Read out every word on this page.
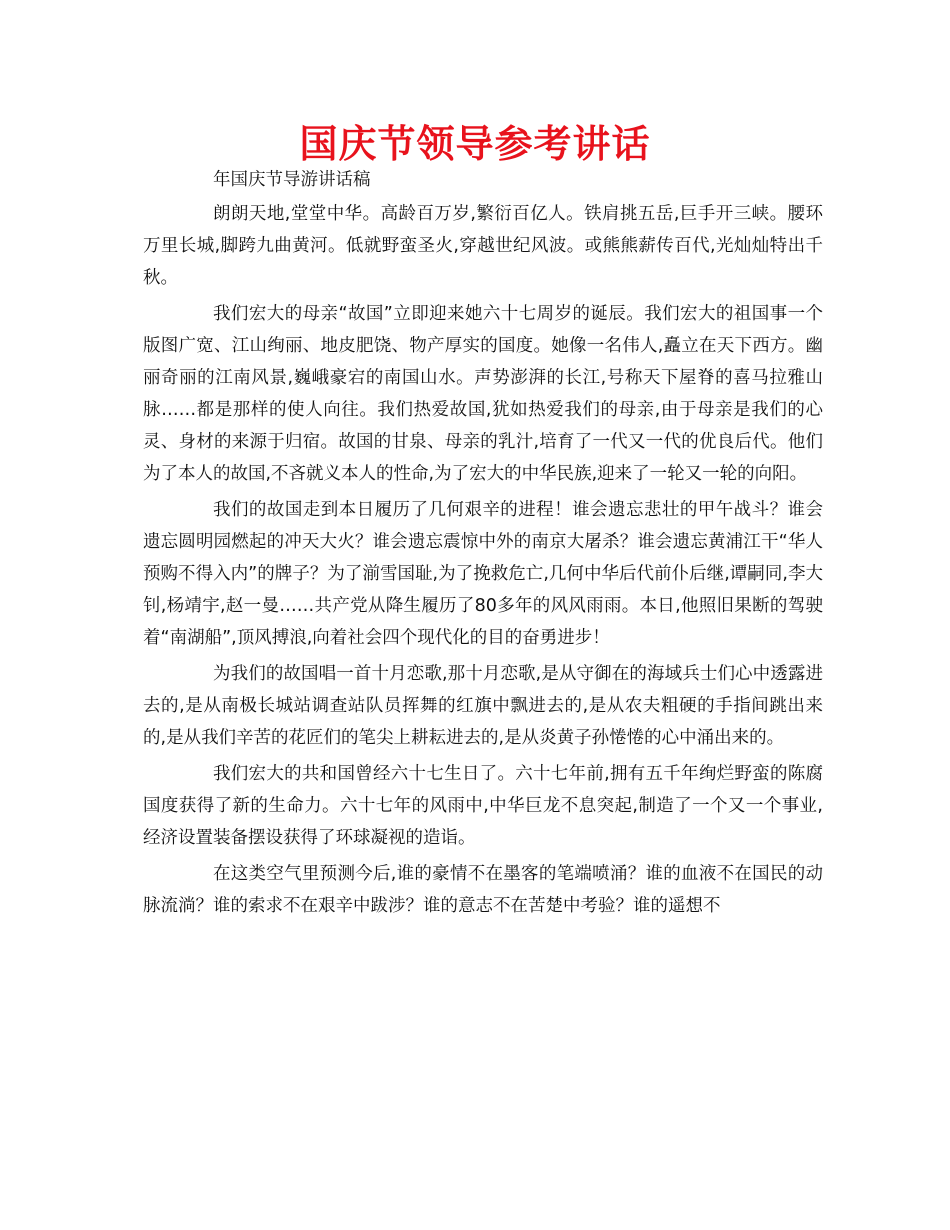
国庆节领导参考讲话

年国庆节导游讲话稿

朗朗天地,堂堂中华。高龄百万岁,繁衍百亿人。铁肩挑五岳,巨手开三峡。腰环万里长城,脚跨九曲黄河。低就野蛮圣火,穿越世纪风波。或熊熊薪传百代,光灿灿特出千秋。

我们宏大的母亲“故国”立即迎来她六十七周岁的诞辰。我们宏大的祖国事一个版图广宽、江山绚丽、地皮肥饶、物产厚实的国度。她像一名伟人,矗立在天下西方。幽丽奇丽的江南风景,巍峨豪宕的南国山水。声势澎湃的长江,号称天下屋脊的喜马拉雅山脉……都是那样的使人向往。我们热爱故国,犹如热爱我们的母亲,由于母亲是我们的心灵、身材的来源于归宿。故国的甘泉、母亲的乳汁,培育了一代又一代的优良后代。他们为了本人的故国,不吝就义本人的性命,为了宏大的中华民族,迎来了一轮又一轮的向阳。

我们的故国走到本日履历了几何艰辛的进程！谁会遗忘悲壮的甲午战斗？谁会遗忘圆明园燃起的冲天大火？谁会遗忘震惊中外的南京大屠杀？谁会遗忘黄浦江干“华人预购不得入内”的牌子？为了湔雪国耻,为了挽救危亡,几何中华后代前仆后继,谭嗣同,李大钊,杨靖宇,赵一曼……共产党从降生履历了80多年的风风雨雨。本日,他照旧果断的驾驶着“南湖船”,顶风搏浪,向着社会四个现代化的目的奋勇进步！

为我们的故国唱一首十月恋歌,那十月恋歌,是从守御在的海域兵士们心中透露进去的,是从南极长城站调查站队员挥舞的红旗中飘进去的,是从农夫粗硬的手指间跳出来的,是从我们辛苦的花匠们的笔尖上耕耘进去的,是从炎黄子孙惓惓的心中涌出来的。

我们宏大的共和国曾经六十七生日了。六十七年前,拥有五千年绚烂野蛮的陈腐国度获得了新的生命力。六十七年的风雨中,中华巨龙不息突起,制造了一个又一个事业,经济设置装备摆设获得了环球凝视的造诣。

在这类空气里预测今后,谁的豪情不在墨客的笔端喷涌？谁的血液不在国民的动脉流淌？谁的索求不在艰辛中跋涉？谁的意志不在苦楚中考验？谁的遥想不
